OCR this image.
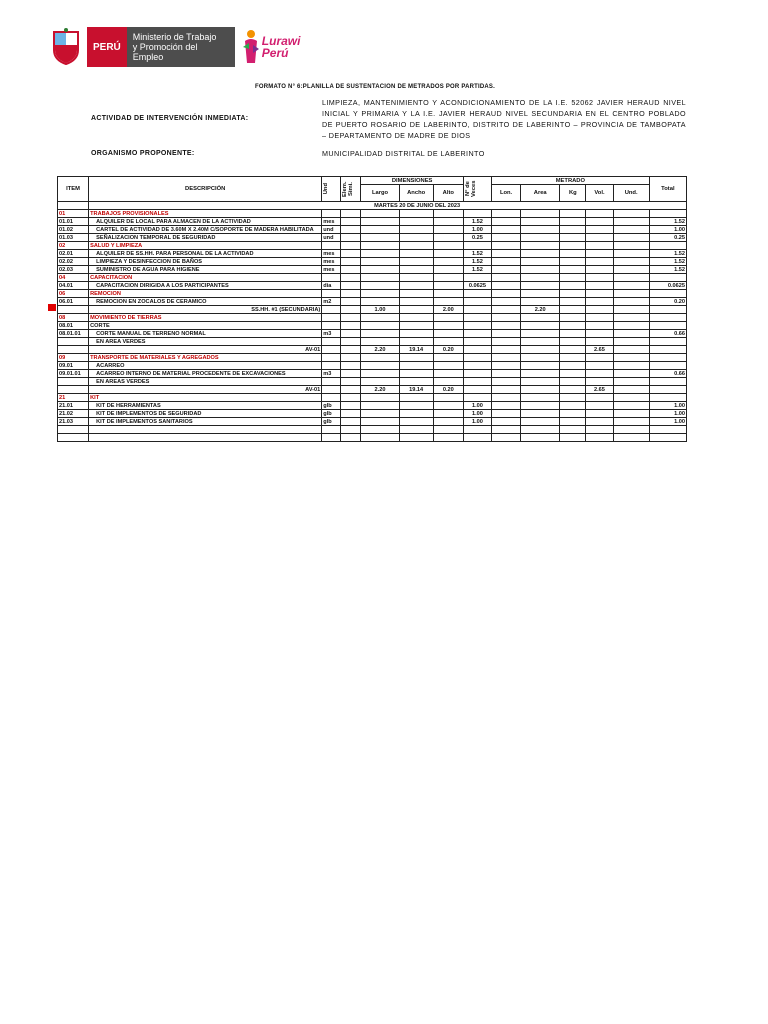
PERÚ
Ministerio de Trabajo
y Promoción del Empleo
Lurawi
Perú
FORMATO N° 6:PLANILLA DE SUSTENTACION DE METRADOS POR PARTIDAS.
ACTIVIDAD DE INTERVENCIÓN INMEDIATA:
LIMPIEZA, MANTENIMIENTO Y ACONDICIONAMIENTO DE LA I.E. 52062 JAVIER HERAUD NIVEL INICIAL Y PRIMARIA Y LA I.E. JAVIER HERAUD NIVEL SECUNDARIA EN EL CENTRO POBLADO DE PUERTO ROSARIO DE LABERINTO, DISTRITO DE LABERINTO – PROVINCIA DE TAMBOPATA – DEPARTAMENTO DE MADRE DE DIOS
ORGANISMO PROPONENTE:	MUNICIPALIDAD DISTRITAL DE LABERINTO
ITEM	DESCRIPCIÓN	Und	Elem. Simi.	DIMENSIONES			N° de Veces	METRADO					Total
				Largo	Ancho	Alto		Lon.	Area	Kg	Vol.	Und.	
	MARTES 20 DE JUNIO DEL 2023												
01	TRABAJOS PROVISIONALES												
01.01	ALQUILER DE LOCAL PARA ALMACEN DE LA ACTIVIDAD	mes					1.52						1.52
01.02	CARTEL DE ACTIVIDAD DE 3.60M X 2.40M C/SOPORTE DE MADERA HABILITADA	und					1.00						1.00
01.03	SEÑALIZACION TEMPORAL DE SEGURIDAD	und					0.25						0.25
02	SALUD Y LIMPIEZA												
02.01	ALQUILER DE SS.HH. PARA PERSONAL DE LA ACTIVIDAD	mes					1.52						1.52
02.02	LIMPIEZA Y DESINFECCION DE BAÑOS	mes					1.52						1.52
02.03	SUMINISTRO DE AGUA PARA HIGIENE	mes					1.52						1.52
04	CAPACITACION												
04.01	CAPACITACION DIRIGIDA A LOS PARTICIPANTES	dia					0.0625						0.0625
06	REMOCION												
06.01	REMOCION EN ZOCALOS DE CERAMICO	m2											0.20
	SS.HH. #1 (SECUNDARIA)			1.00		2.00			2.20				
08	MOVIMIENTO DE TIERRAS												
08.01	CORTE												
08.01.01	CORTE MANUAL DE TERRENO NORMAL	m3											0.66
	EN AREA VERDES												
	AV-01			2.20	19.14	0.20					2.65		
09	TRANSPORTE DE MATERIALES Y AGREGADOS												
09.01	ACARREO												
09.01.01	ACARREO INTERNO DE MATERIAL PROCEDENTE DE EXCAVACIONES	m3											0.66
	EN AREAS VERDES												
	AV-01			2.20	19.14	0.20					2.65		
21	KIT												
21.01	KIT DE HERRAMIENTAS	glb					1.00						1.00
21.02	KIT DE IMPLEMENTOS DE SEGURIDAD	glb					1.00						1.00
21.03	KIT DE IMPLEMENTOS SANITARIOS	glb					1.00						1.00
